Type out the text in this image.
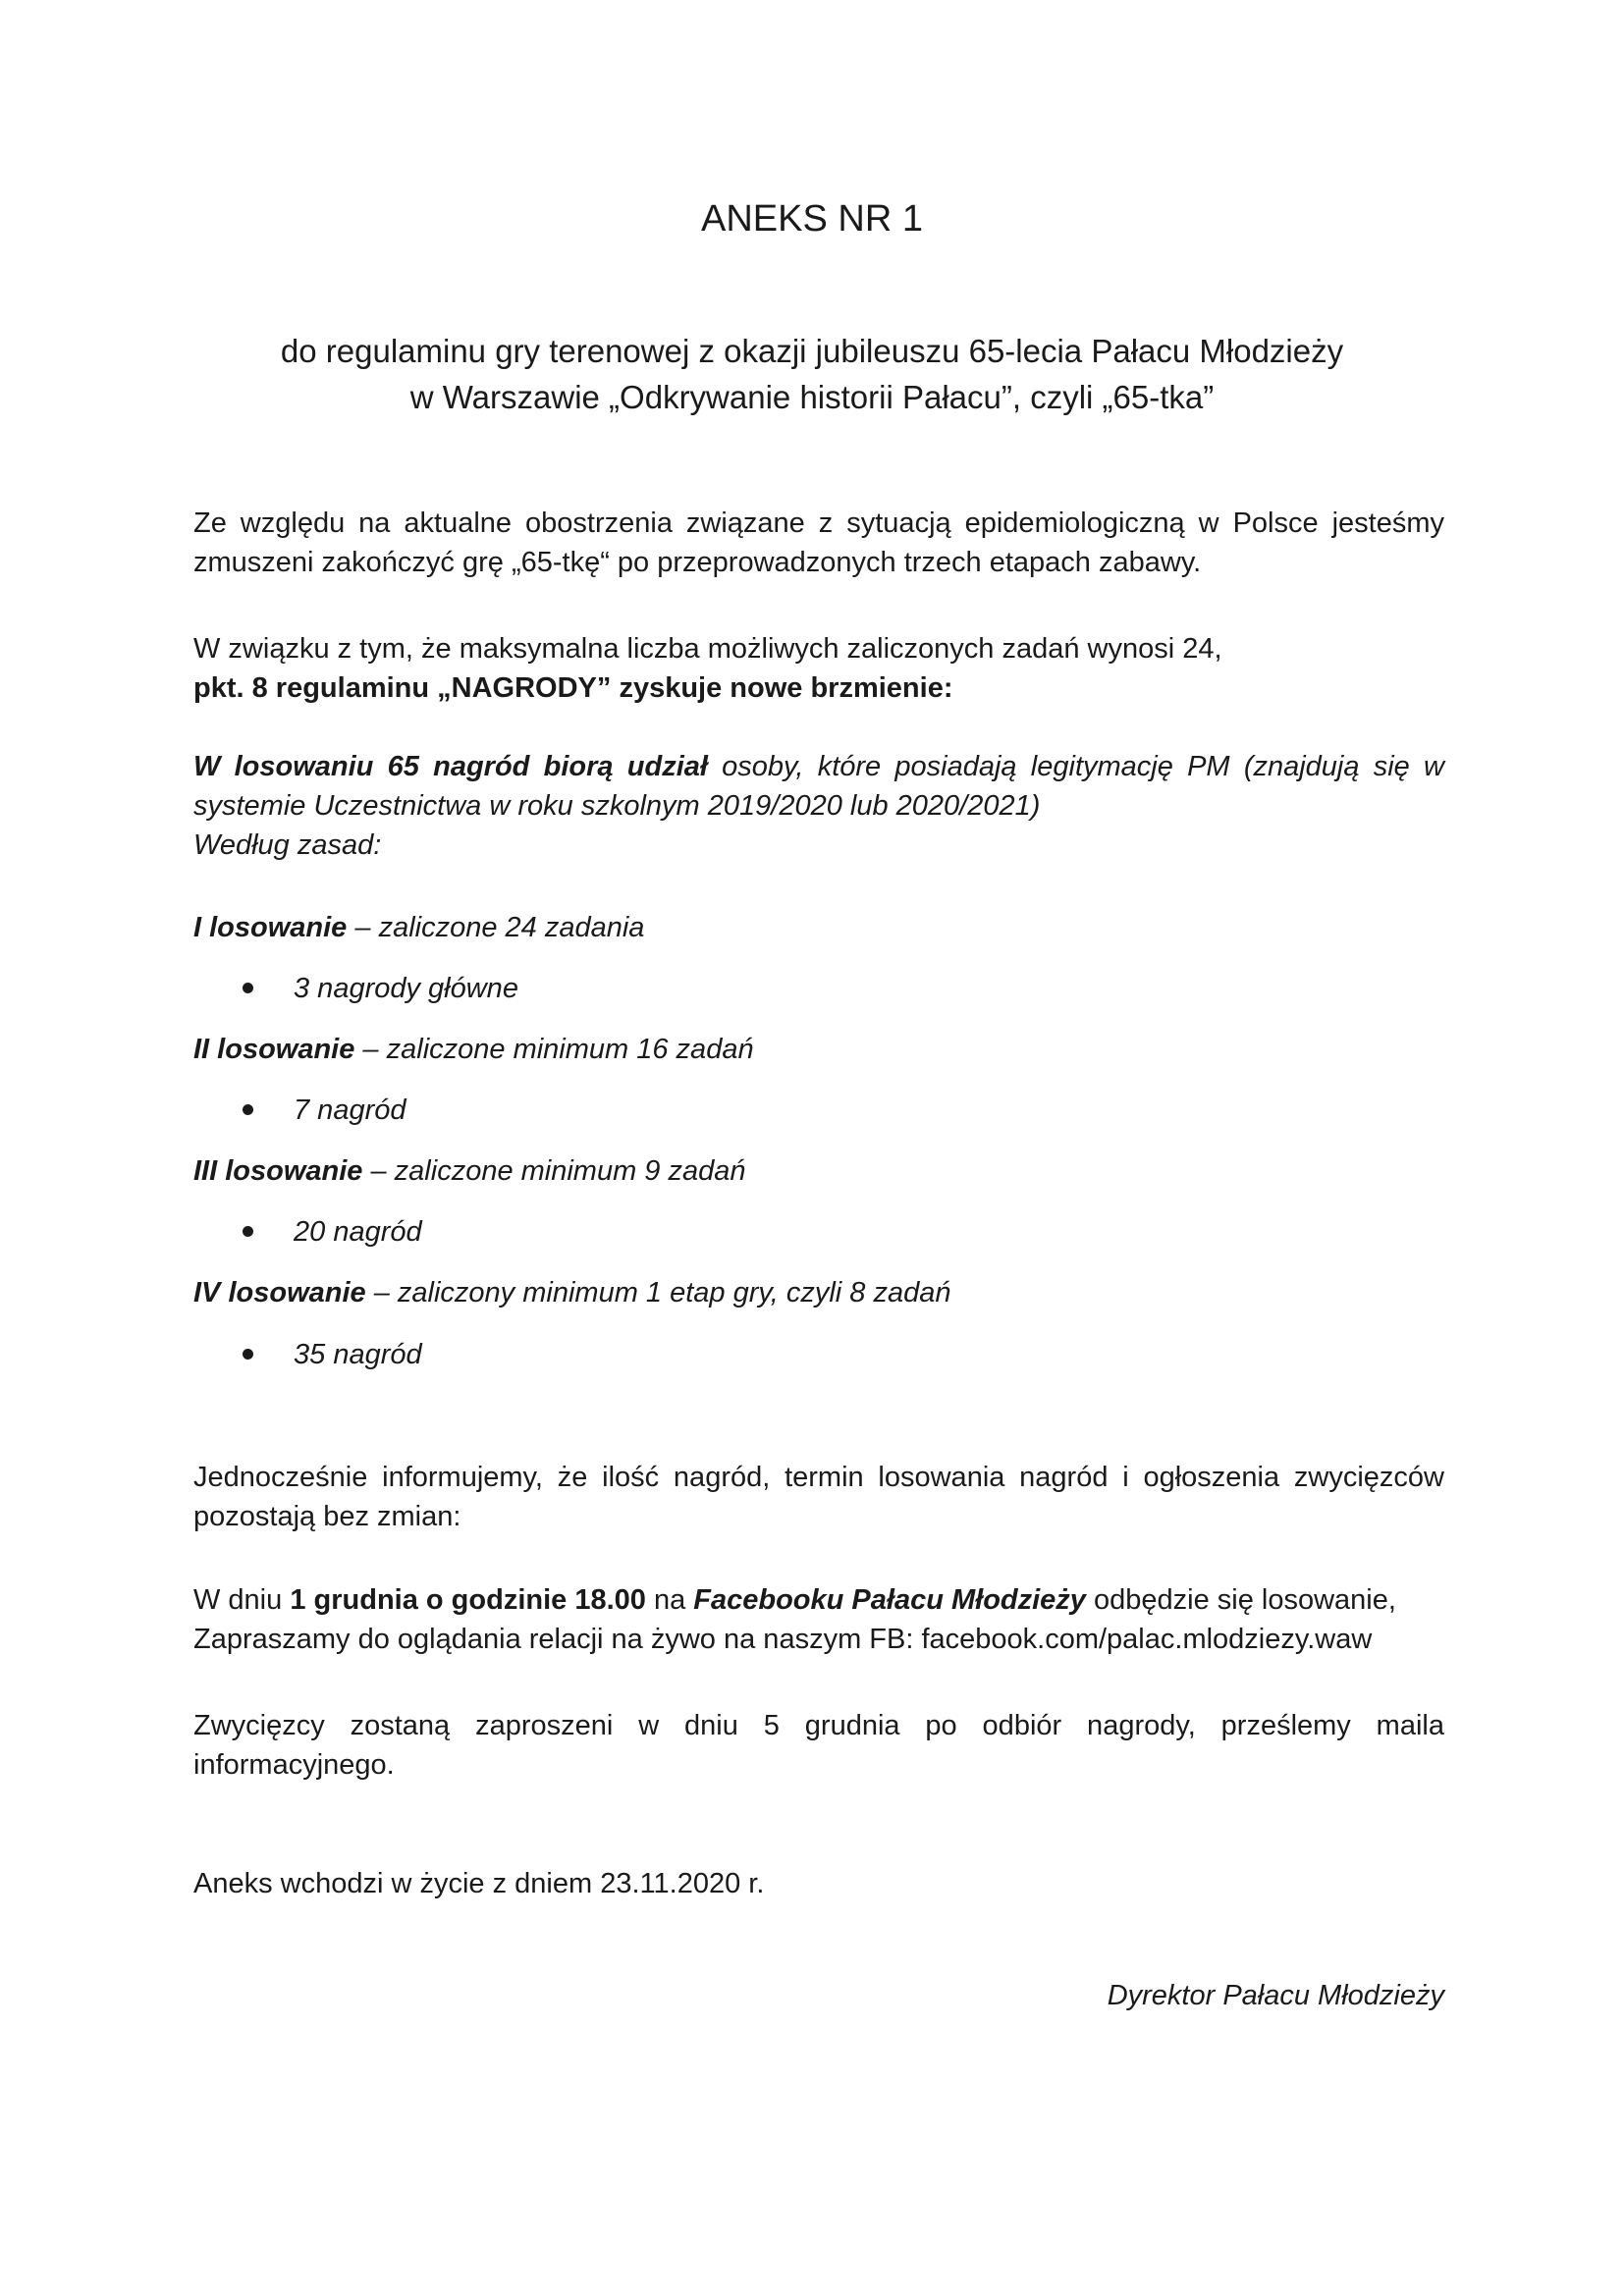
ANEKS NR 1
do regulaminu gry terenowej z okazji jubileuszu 65-lecia Pałacu Młodzieży
w Warszawie „Odkrywanie historii Pałacu”, czyli „65-tka”
Ze względu na aktualne obostrzenia związane z sytuacją epidemiologiczną w Polsce jesteśmy zmuszeni zakończyć grę „65-tkę“ po przeprowadzonych trzech etapach zabawy.
W związku z tym, że maksymalna liczba możliwych zaliczonych zadań wynosi 24,
pkt. 8 regulaminu „NAGRODY” zyskuje nowe brzmienie:
W losowaniu 65 nagród biorą udział osoby, które posiadają legitymację PM (znajdują się w systemie Uczestnictwa w roku szkolnym 2019/2020 lub 2020/2021)
Według zasad:
I losowanie – zaliczone 24 zadania
3 nagrody główne
II losowanie – zaliczone minimum 16 zadań
7 nagród
III losowanie – zaliczone minimum 9 zadań
20 nagród
IV losowanie – zaliczony minimum 1 etap gry, czyli 8 zadań
35 nagród
Jednocześnie informujemy, że ilość nagród, termin losowania nagród i ogłoszenia zwycięzców pozostają bez zmian:
W dniu 1 grudnia o godzinie 18.00 na Facebooku Pałacu Młodzieży odbędzie się losowanie,
Zapraszamy do oglądania relacji na żywo na naszym FB: facebook.com/palac.mlodziezy.waw
Zwycięzcy zostaną zaproszeni w dniu 5 grudnia po odbiór nagrody, prześlemy maila informacyjnego.
Aneks wchodzi w życie z dniem 23.11.2020 r.
Dyrektor Pałacu Młodzieży
